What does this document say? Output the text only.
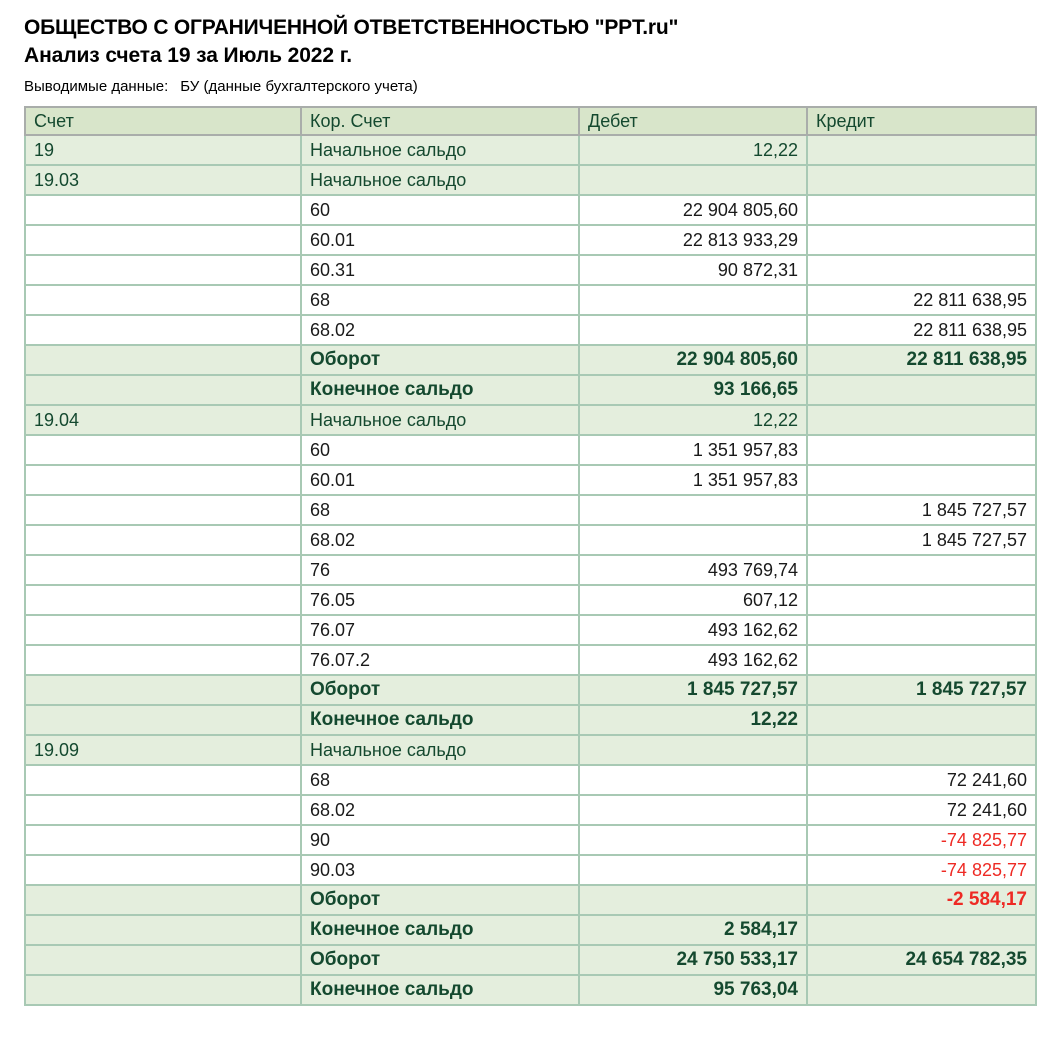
ОБЩЕСТВО С ОГРАНИЧЕННОЙ ОТВЕТСТВЕННОСТЬЮ "PPT.ru"
Анализ счета 19 за Июль 2022 г.
Выводимые данные: БУ (данные бухгалтерского учета)
Счет	Кор. Счет	Дебет	Кредит
19	Начальное сальдо	12,22	
19.03	Начальное сальдо		
	60	22 904 805,60	
	60.01	22 813 933,29	
	60.31	90 872,31	
	68		22 811 638,95
	68.02		22 811 638,95
	Оборот	22 904 805,60	22 811 638,95
	Конечное сальдо	93 166,65	
19.04	Начальное сальдо	12,22	
	60	1 351 957,83	
	60.01	1 351 957,83	
	68		1 845 727,57
	68.02		1 845 727,57
	76	493 769,74	
	76.05	607,12	
	76.07	493 162,62	
	76.07.2	493 162,62	
	Оборот	1 845 727,57	1 845 727,57
	Конечное сальдо	12,22	
19.09	Начальное сальдо		
	68		72 241,60
	68.02		72 241,60
	90		-74 825,77
	90.03		-74 825,77
	Оборот		-2 584,17
	Конечное сальдо	2 584,17	
	Оборот	24 750 533,17	24 654 782,35
	Конечное сальдо	95 763,04	
